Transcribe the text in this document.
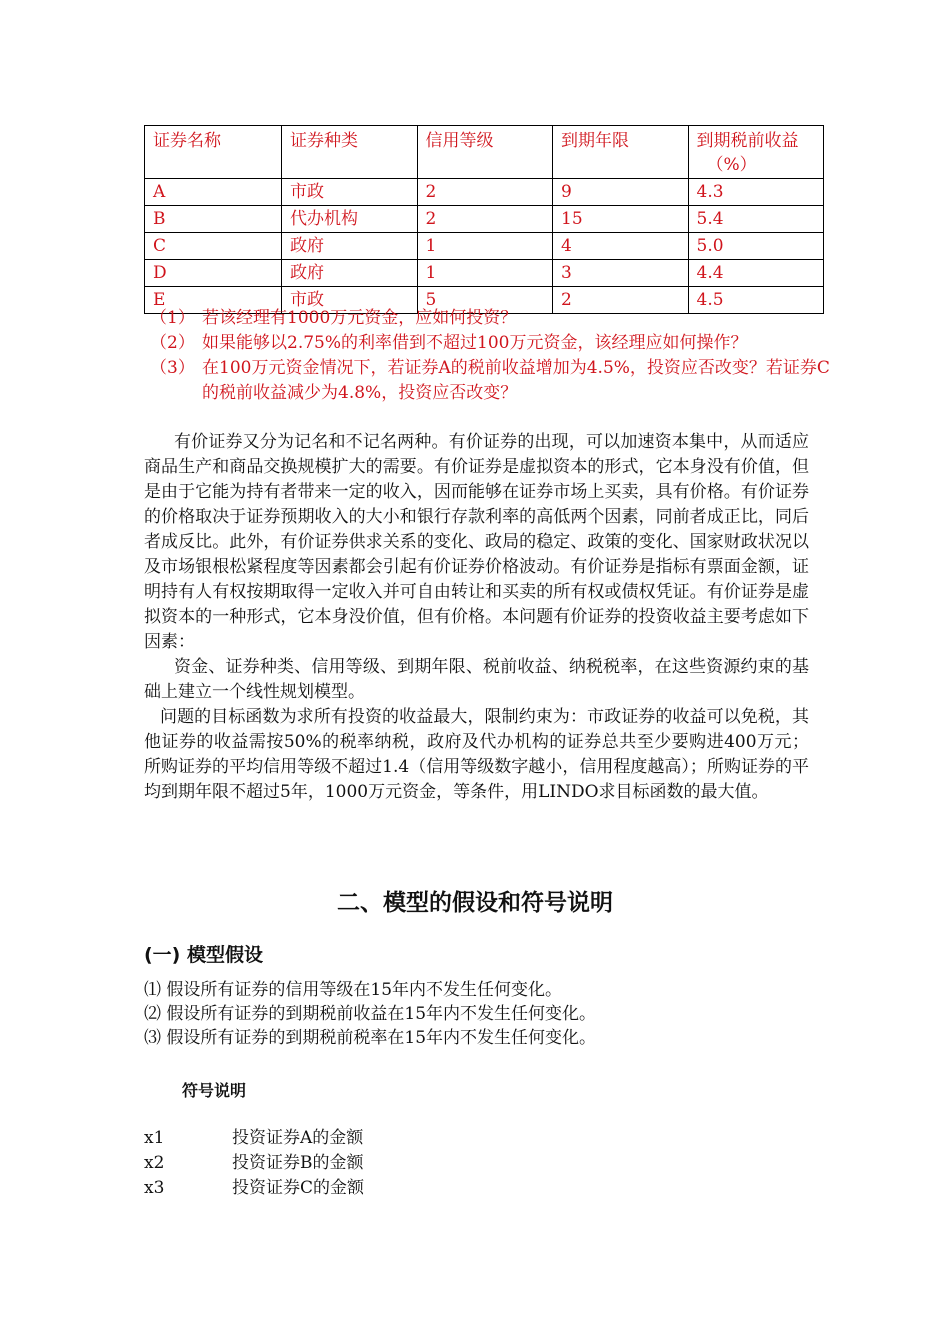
证券名称	证券种类	信用等级	到期年限	到期税前收益
（%）

A	市政	2	9	4.3
B	代办机构	2	15	5.4
C	政府	1	4	5.0
D	政府	1	3	4.4
E	市政	5	2	4.5
（1） 若该经理有1000万元资金，应如何投资？
（2） 如果能够以2.75%的利率借到不超过100万元资金，该经理应如何操作？
（3） 在100万元资金情况下，若证券A的税前收益增加为4.5%，投资应否改变？若证券C的税前收益减少为4.8%，投资应否改变？

有价证券又分为记名和不记名两种。有价证券的出现，可以加速资本集中，从而适应商品生产和商品交换规模扩大的需要。有价证券是虚拟资本的形式，它本身没有价值，但是由于它能为持有者带来一定的收入，因而能够在证券市场上买卖，具有价格。有价证券的价格取决于证券预期收入的大小和银行存款利率的高低两个因素，同前者成正比，同后者成反比。此外，有价证券供求关系的变化、政局的稳定、政策的变化、国家财政状况以及市场银根松紧程度等因素都会引起有价证券价格波动。有价证券是指标有票面金额，证明持有人有权按期取得一定收入并可自由转让和买卖的所有权或债权凭证。有价证券是虚拟资本的一种形式，它本身没价值，但有价格。本问题有价证券的投资收益主要考虑如下因素：

资金、证券种类、信用等级、到期年限、税前收益、纳税税率，在这些资源约束的基础上建立一个线性规划模型。

问题的目标函数为求所有投资的收益最大，限制约束为：市政证券的收益可以免税，其他证券的收益需按50%的税率纳税，政府及代办机构的证券总共至少要购进400万元；所购证券的平均信用等级不超过1.4（信用等级数字越小，信用程度越高）；所购证券的平均到期年限不超过5年，1000万元资金，等条件，用LINDO求目标函数的最大值。

二、模型的假设和符号说明
(一) 模型假设
⑴ 假设所有证券的信用等级在15年内不发生任何变化。
⑵ 假设所有证券的到期税前收益在15年内不发生任何变化。
⑶ 假设所有证券的到期税前税率在15年内不发生任何变化。
符号说明
x1	投资证券A的金额
x2	投资证券B的金额
x3	投资证券C的金额
